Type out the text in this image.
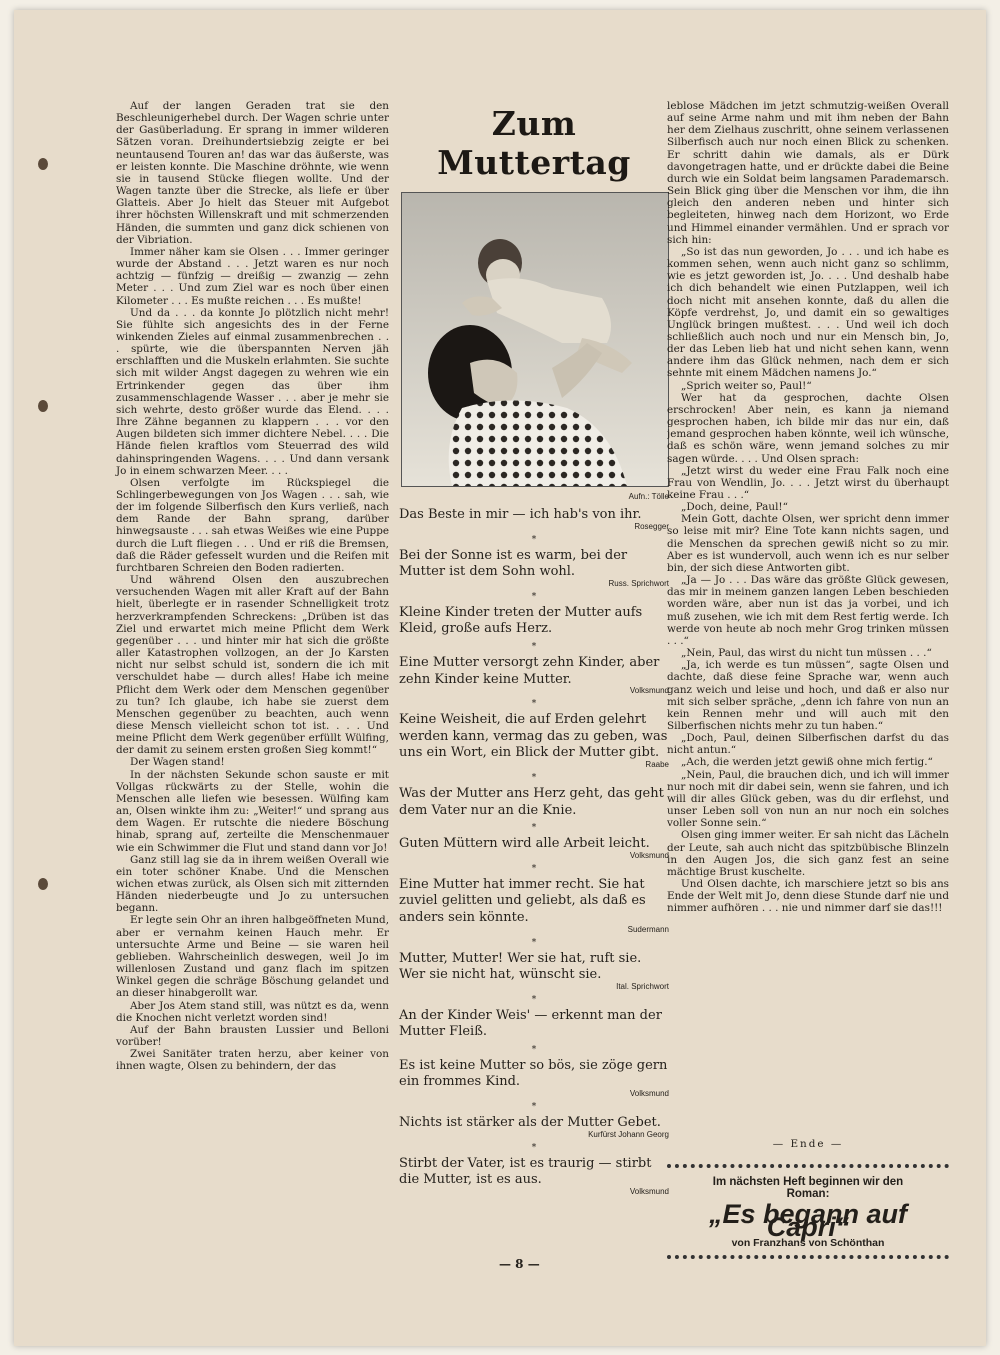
Auf der langen Geraden trat sie den Beschleunigerhebel durch. Der Wagen schrie unter der Gasüberladung. Er sprang in immer wilderen Sätzen voran. Dreihundertsiebzig zeigte er bei neuntausend Touren an! das war das äußerste, was er leisten konnte. Die Maschine dröhnte, wie wenn sie in tausend Stücke fliegen wollte. Und der Wagen tanzte über die Strecke, als liefe er über Glatteis. Aber Jo hielt das Steuer mit Aufgebot ihrer höchsten Willenskraft und mit schmerzenden Händen, die summten und ganz dick schienen von der Vibriation.

Immer näher kam sie Olsen . . . Immer geringer wurde der Abstand . . . Jetzt waren es nur noch achtzig — fünfzig — dreißig — zwanzig — zehn Meter . . . Und zum Ziel war es noch über einen Kilometer . . . Es mußte reichen . . . Es mußte!

Und da . . . da konnte Jo plötzlich nicht mehr! Sie fühlte sich angesichts des in der Ferne winkenden Zieles auf einmal zusammenbrechen . . . spürte, wie die überspannten Nerven jäh erschlafften und die Muskeln erlahmten. Sie suchte sich mit wilder Angst dagegen zu wehren wie ein Ertrinkender gegen das über ihm zusammenschlagende Wasser . . . aber je mehr sie sich wehrte, desto größer wurde das Elend. . . . Ihre Zähne begannen zu klappern . . . vor den Augen bildeten sich immer dichtere Nebel. . . . Die Hände fielen kraftlos vom Steuerrad des wild dahinspringenden Wagens. . . . Und dann versank Jo in einem schwarzen Meer. . . .

Olsen verfolgte im Rückspiegel die Schlingerbewegungen von Jos Wagen . . . sah, wie der im folgende Silberfisch den Kurs verließ, nach dem Rande der Bahn sprang, darüber hinwegsauste . . . sah etwas Weißes wie eine Puppe durch die Luft fliegen . . . Und er riß die Bremsen, daß die Räder gefesselt wurden und die Reifen mit furchtbaren Schreien den Boden radierten.

Und während Olsen den auszubrechen versuchenden Wagen mit aller Kraft auf der Bahn hielt, überlegte er in rasender Schnelligkeit trotz herzverkrampfenden Schreckens: „Drüben ist das Ziel und erwartet mich meine Pflicht dem Werk gegenüber . . . und hinter mir hat sich die größte aller Katastrophen vollzogen, an der Jo Karsten nicht nur selbst schuld ist, sondern die ich mit verschuldet habe — durch alles! Habe ich meine Pflicht dem Werk oder dem Menschen gegenüber zu tun? Ich glaube, ich habe sie zuerst dem Menschen gegenüber zu beachten, auch wenn diese Mensch vielleicht schon tot ist. . . . Und meine Pflicht dem Werk gegenüber erfüllt Wülfing, der damit zu seinem ersten großen Sieg kommt!“

Der Wagen stand!

In der nächsten Sekunde schon sauste er mit Vollgas rückwärts zu der Stelle, wohin die Menschen alle liefen wie besessen. Wülfing kam an, Olsen winkte ihm zu: „Weiter!“ und sprang aus dem Wagen. Er rutschte die niedere Böschung hinab, sprang auf, zerteilte die Menschenmauer wie ein Schwimmer die Flut und stand dann vor Jo!

Ganz still lag sie da in ihrem weißen Overall wie ein toter schöner Knabe. Und die Menschen wichen etwas zurück, als Olsen sich mit zitternden Händen niederbeugte und Jo zu untersuchen begann.

Er legte sein Ohr an ihren halbgeöffneten Mund, aber er vernahm keinen Hauch mehr. Er untersuchte Arme und Beine — sie waren heil geblieben. Wahrscheinlich deswegen, weil Jo im willenlosen Zustand und ganz flach im spitzen Winkel gegen die schräge Böschung gelandet und an dieser hinabgerollt war.

Aber Jos Atem stand still, was nützt es da, wenn die Knochen nicht verletzt worden sind!

Auf der Bahn brausten Lussier und Belloni vorüber!

Zwei Sanitäter traten herzu, aber keiner von ihnen wagte, Olsen zu behindern, der das

Zum Muttertag
Aufn.: Tölle

Das Beste in mir — ich hab's von ihr.

Rosegger
*

Bei der Sonne ist es warm, bei der Mutter ist dem Sohn wohl.

Russ. Sprichwort
*

Kleine Kinder treten der Mutter aufs Kleid, große aufs Herz.

*

Eine Mutter versorgt zehn Kinder, aber zehn Kinder keine Mutter.

Volksmund
*

Keine Weisheit, die auf Erden gelehrt werden kann, vermag das zu geben, was uns ein Wort, ein Blick der Mutter gibt.

Raabe
*

Was der Mutter ans Herz geht, das geht dem Vater nur an die Knie.

*

Guten Müttern wird alle Arbeit leicht.

Volksmund
*

Eine Mutter hat immer recht. Sie hat zuviel gelitten und geliebt, als daß es anders sein könnte.

Sudermann
*

Mutter, Mutter! Wer sie hat, ruft sie. Wer sie nicht hat, wünscht sie.

Ital. Sprichwort
*

An der Kinder Weis' — erkennt man der Mutter Fleiß.

*

Es ist keine Mutter so bös, sie zöge gern ein frommes Kind.

Volksmund
*

Nichts ist stärker als der Mutter Gebet.

Kurfürst Johann Georg
*

Stirbt der Vater, ist es traurig — stirbt die Mutter, ist es aus.

Volksmund

leblose Mädchen im jetzt schmutzig-weißen Overall auf seine Arme nahm und mit ihm neben der Bahn her dem Zielhaus zuschritt, ohne seinem verlassenen Silberfisch auch nur noch einen Blick zu schenken. Er schritt dahin wie damals, als er Dürk davongetragen hatte, und er drückte dabei die Beine durch wie ein Soldat beim langsamen Parademarsch. Sein Blick ging über die Menschen vor ihm, die ihn gleich den anderen neben und hinter sich begleiteten, hinweg nach dem Horizont, wo Erde und Himmel einander vermählen. Und er sprach vor sich hin:

„So ist das nun geworden, Jo . . . und ich habe es kommen sehen, wenn auch nicht ganz so schlimm, wie es jetzt geworden ist, Jo. . . . Und deshalb habe ich dich behandelt wie einen Putzlappen, weil ich doch nicht mit ansehen konnte, daß du allen die Köpfe verdrehst, Jo, und damit ein so gewaltiges Unglück bringen mußtest. . . . Und weil ich doch schließlich auch noch und nur ein Mensch bin, Jo, der das Leben lieb hat und nicht sehen kann, wenn andere ihm das Glück nehmen, nach dem er sich sehnte mit einem Mädchen namens Jo.“

„Sprich weiter so, Paul!“

Wer hat da gesprochen, dachte Olsen erschrocken! Aber nein, es kann ja niemand gesprochen haben, ich bilde mir das nur ein, daß jemand gesprochen haben könnte, weil ich wünsche, daß es schön wäre, wenn jemand solches zu mir sagen würde. . . . Und Olsen sprach:

„Jetzt wirst du weder eine Frau Falk noch eine Frau von Wendlin, Jo. . . . Jetzt wirst du überhaupt keine Frau . . .“

„Doch, deine, Paul!“

Mein Gott, dachte Olsen, wer spricht denn immer so leise mit mir? Eine Tote kann nichts sagen, und die Menschen da sprechen gewiß nicht so zu mir. Aber es ist wundervoll, auch wenn ich es nur selber bin, der sich diese Antworten gibt.

„Ja — Jo . . . Das wäre das größte Glück gewesen, das mir in meinem ganzen langen Leben beschieden worden wäre, aber nun ist das ja vorbei, und ich muß zusehen, wie ich mit dem Rest fertig werde. Ich werde von heute ab noch mehr Grog trinken müssen . . .“

„Nein, Paul, das wirst du nicht tun müssen . . .“

„Ja, ich werde es tun müssen“, sagte Olsen und dachte, daß diese feine Sprache war, wenn auch ganz weich und leise und hoch, und daß er also nur mit sich selber spräche, „denn ich fahre von nun an kein Rennen mehr und will auch mit den Silberfischen nichts mehr zu tun haben.“

„Doch, Paul, deinen Silberfischen darfst du das nicht antun.“

„Ach, die werden jetzt gewiß ohne mich fertig.“

„Nein, Paul, die brauchen dich, und ich will immer nur noch mit dir dabei sein, wenn sie fahren, und ich will dir alles Glück geben, was du dir erflehst, und unser Leben soll von nun an nur noch ein solches voller Sonne sein.“

Olsen ging immer weiter. Er sah nicht das Lächeln der Leute, sah auch nicht das spitzbübische Blinzeln in den Augen Jos, die sich ganz fest an seine mächtige Brust kuschelte.

Und Olsen dachte, ich marschiere jetzt so bis ans Ende der Welt mit Jo, denn diese Stunde darf nie und nimmer aufhören . . . nie und nimmer darf sie das!!!

— Ende —
Im nächsten Heft beginnen wir den
Roman:
„Es begann auf Capri“
von Franzhans von Schönthan
— 8 —
